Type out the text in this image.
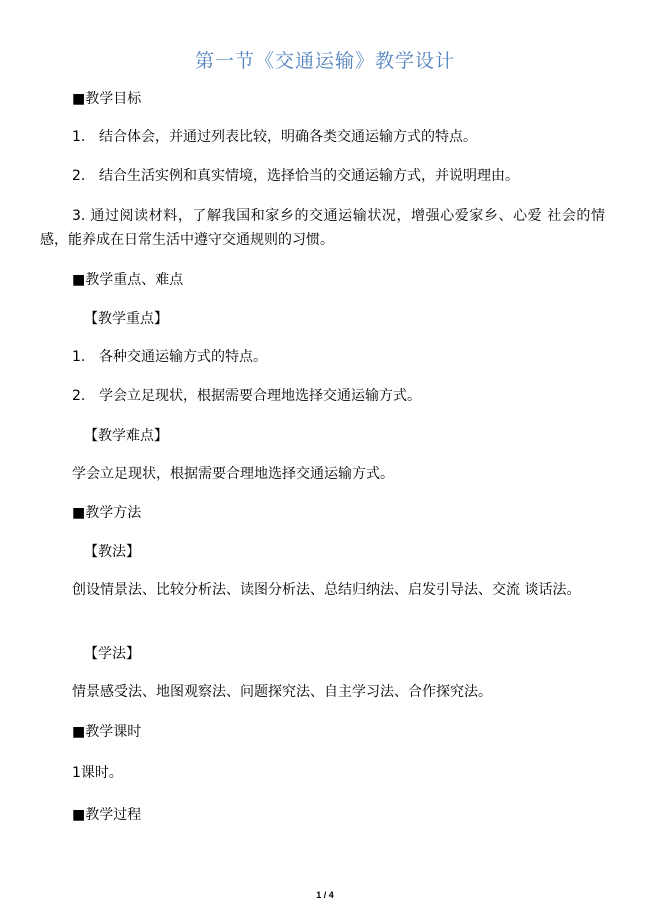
第一节《交通运输》教学设计
■教学目标
1. 结合体会，并通过列表比较，明确各类交通运输方式的特点。
2. 结合生活实例和真实情境，选择恰当的交通运输方式，并说明理由。
3. 通过阅读材料，了解我国和家乡的交通运输状况，增强心爱家乡、心爱 社会的情感，能养成在日常生活中遵守交通规则的习惯。
■教学重点、难点
【教学重点】
1. 各种交通运输方式的特点。
2. 学会立足现状，根据需要合理地选择交通运输方式。
【教学难点】
学会立足现状，根据需要合理地选择交通运输方式。
■教学方法
【教法】
创设情景法、比较分析法、读图分析法、总结归纳法、启发引导法、交流 谈话法。
【学法】
情景感受法、地图观察法、问题探究法、自主学习法、合作探究法。
■教学课时
1课时。
■教学过程
1 / 4
